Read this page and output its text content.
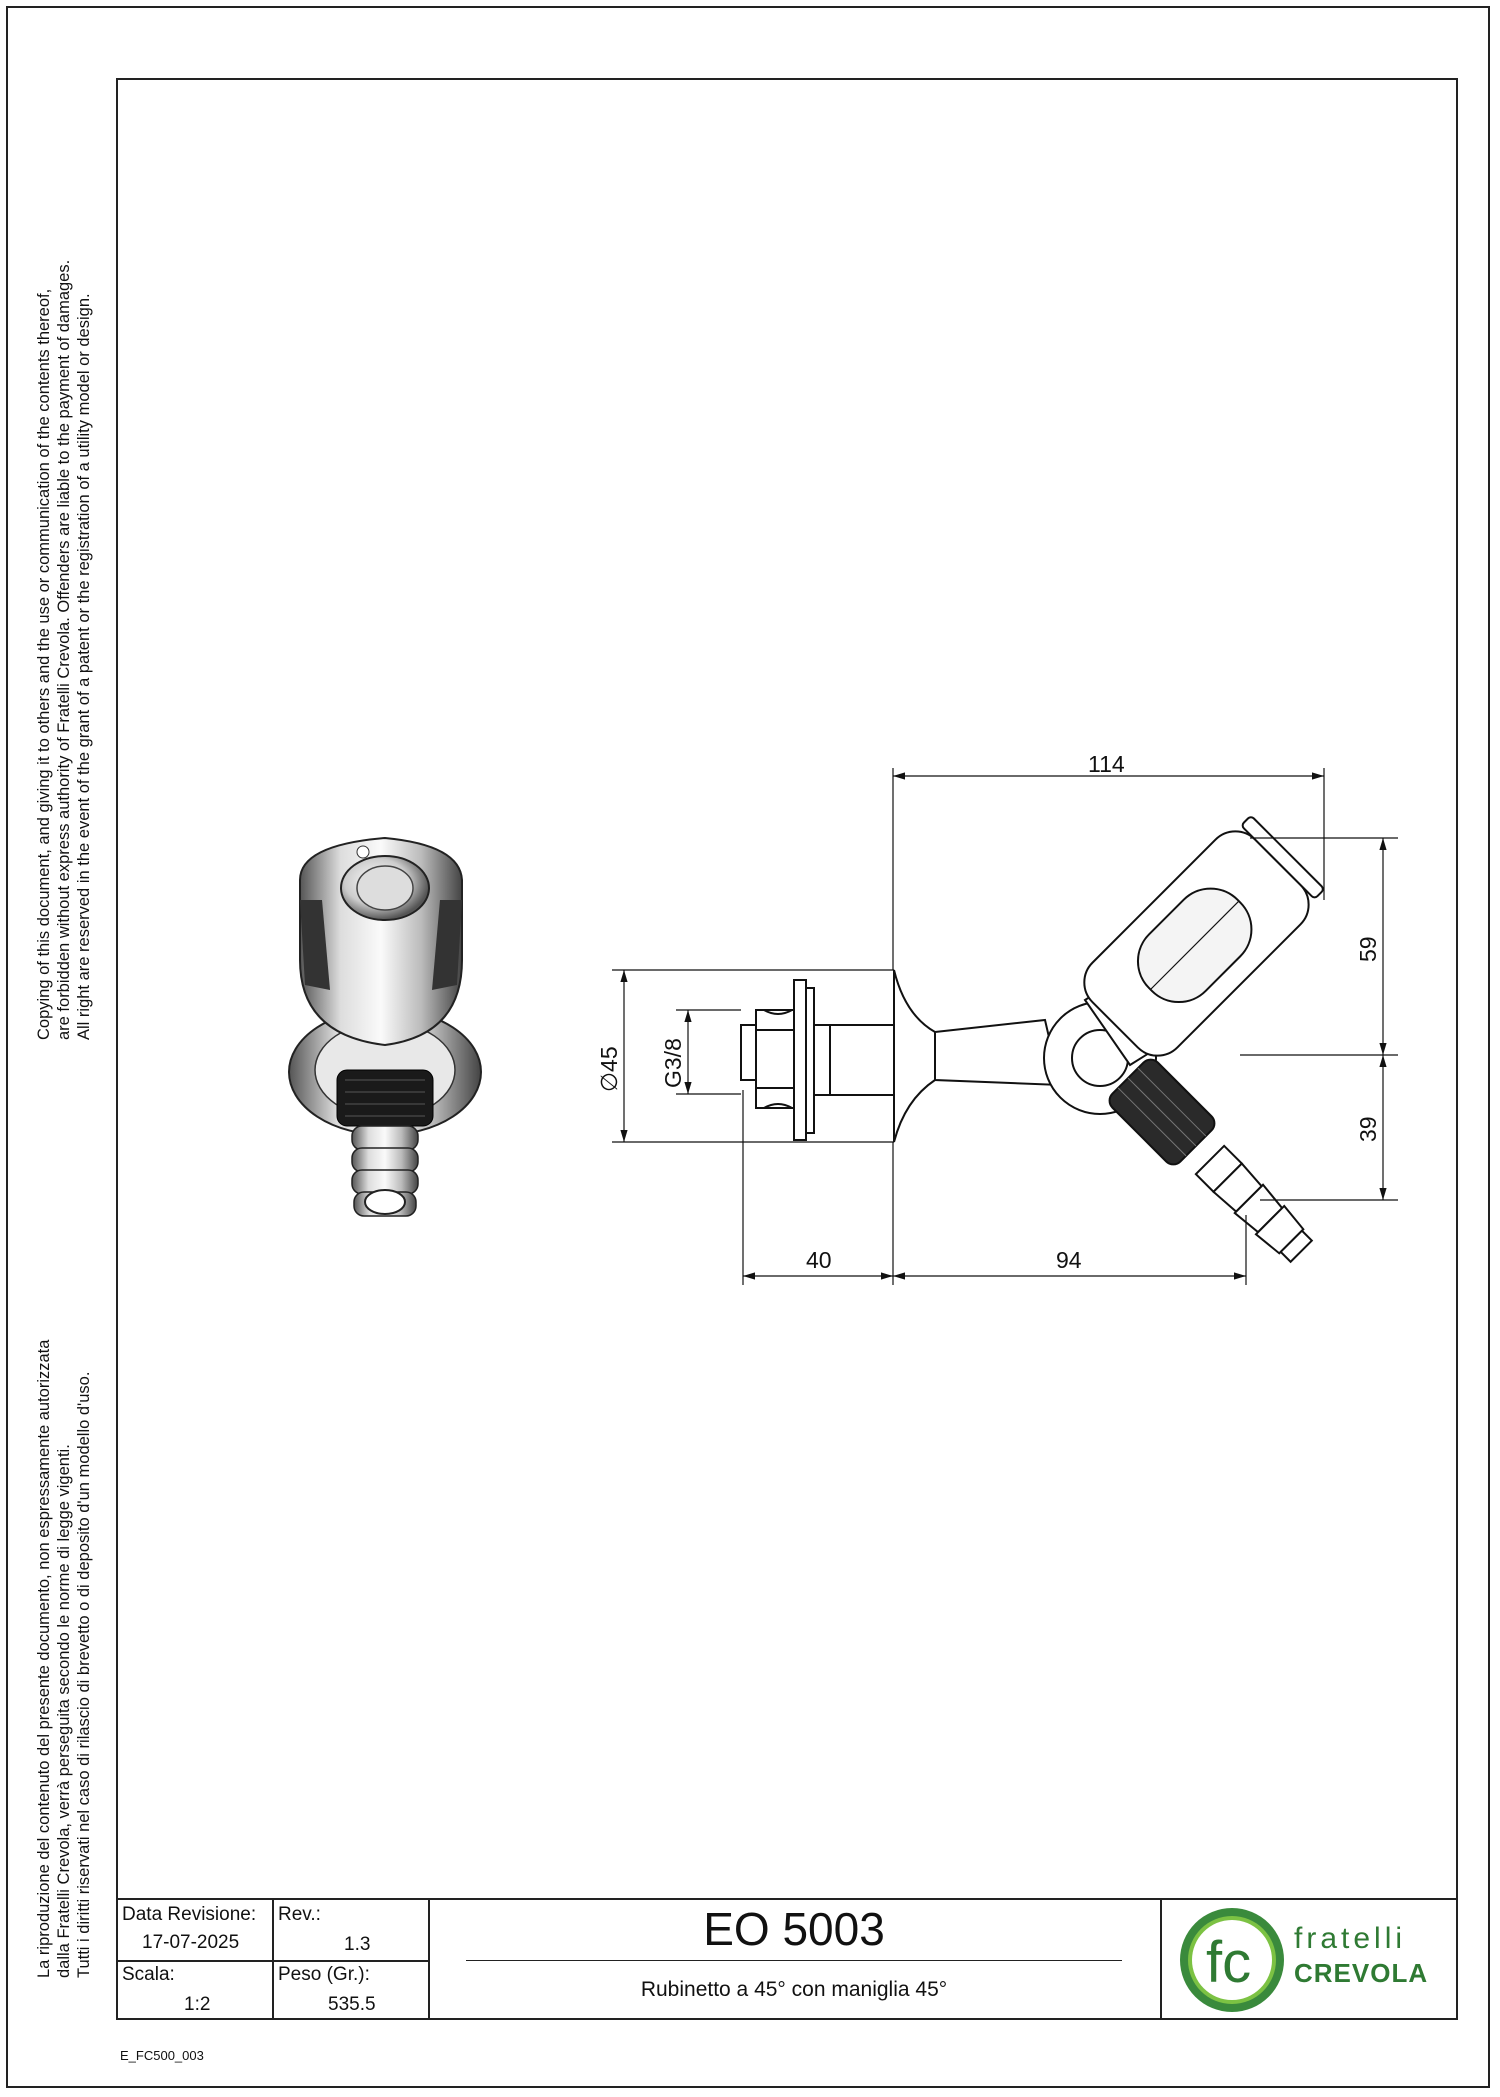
Copying of this document, and giving it to others and the use or communication of the contents thereof, are forbidden without express authority of Fratelli Crevola. Offenders are liable to the payment of damages. All right are reserved in the event of the grant of a patent or the registration of a utility model or design.
La riproduzione del contenuto del presente documento, non espressamente autorizzata dalla Fratelli Crevola, verrà perseguita secondo le norme di legge vigenti. Tutti i diritti riservati nel caso di rilascio di brevetto o di deposito d'un modello d'uso.
114
59
39
∅45 G3/8
40	94
Data Revisione:
17-07-2025
Rev.:
1.3
Scala:
1:2
Peso (Gr.):
535.5
EO 5003
Rubinetto a 45° con maniglia 45°	fc fratelli
CREVOLA
E_FC500_003
